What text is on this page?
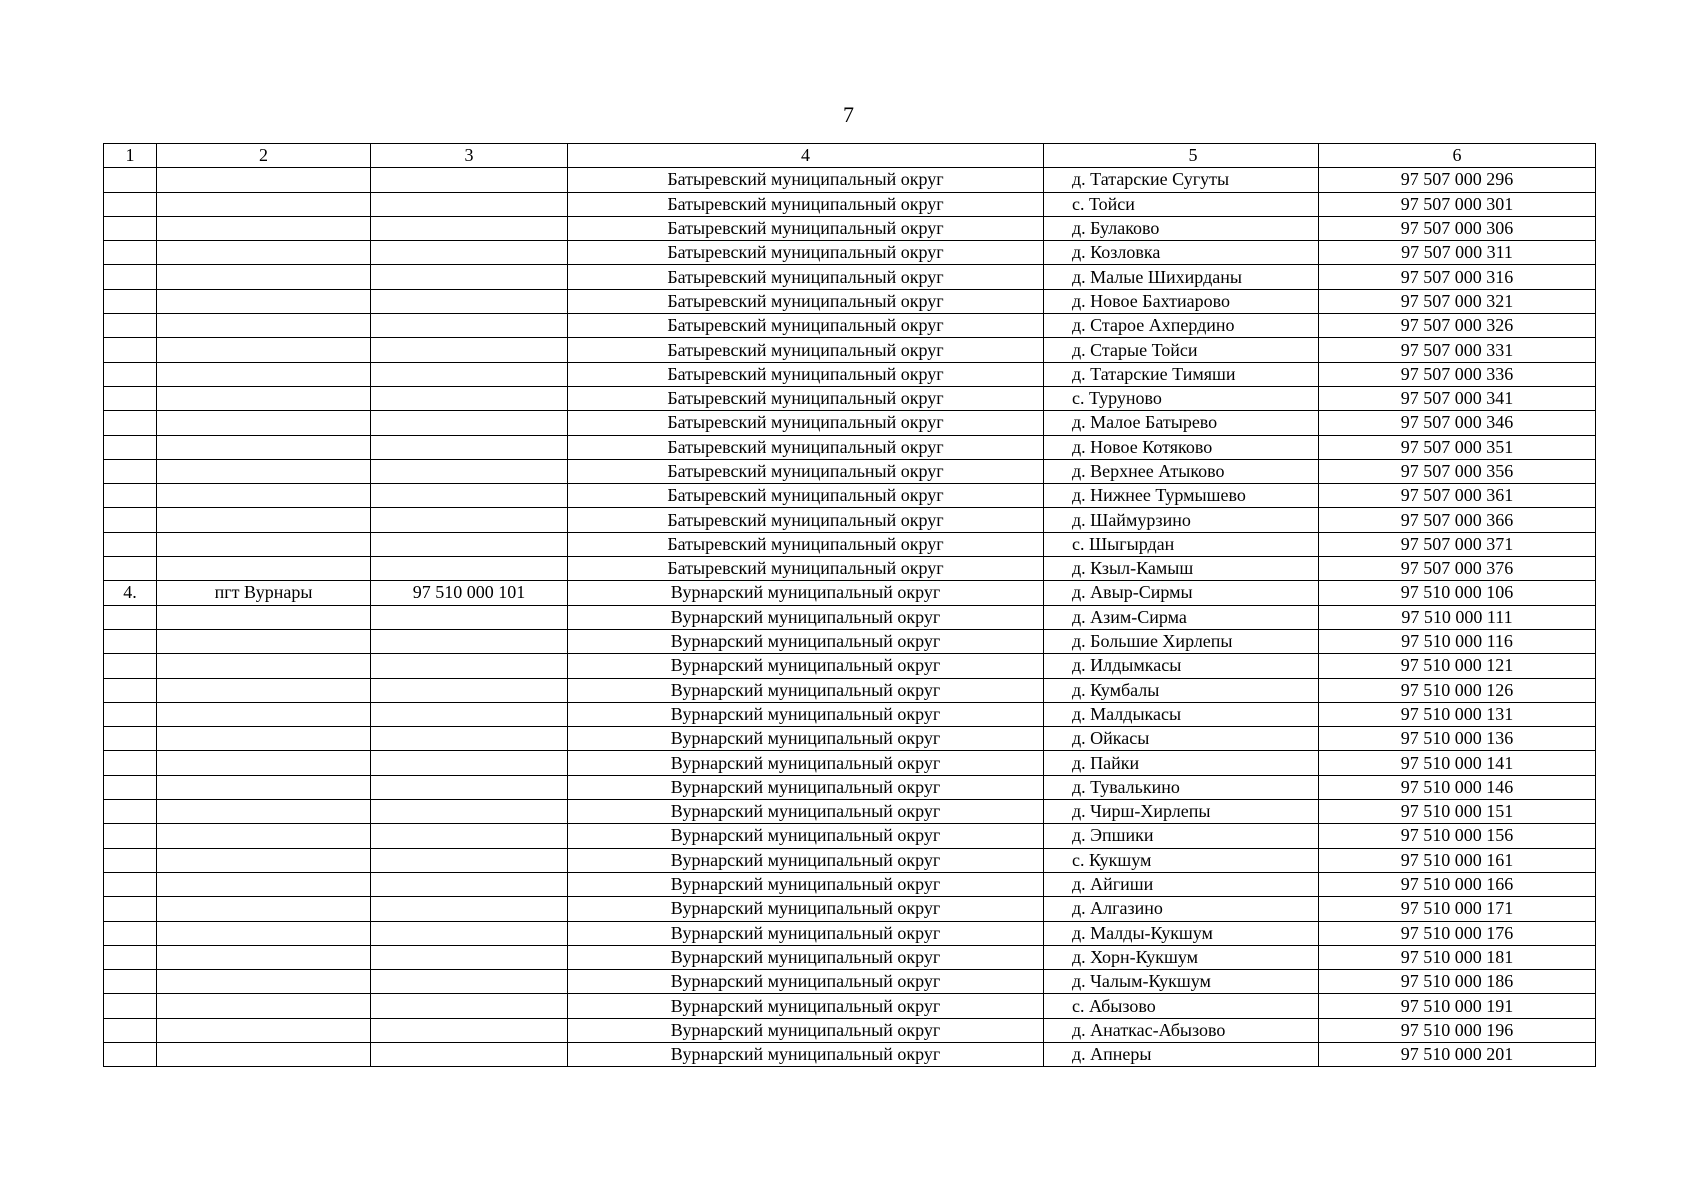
7
1	2	3	4	5	6
			Батыревский муниципальный округ	д. Татарские Сугуты	97 507 000 296
			Батыревский муниципальный округ	с. Тойси	97 507 000 301
			Батыревский муниципальный округ	д. Булаково	97 507 000 306
			Батыревский муниципальный округ	д. Козловка	97 507 000 311
			Батыревский муниципальный округ	д. Малые Шихирданы	97 507 000 316
			Батыревский муниципальный округ	д. Новое Бахтиарово	97 507 000 321
			Батыревский муниципальный округ	д. Старое Ахпердино	97 507 000 326
			Батыревский муниципальный округ	д. Старые Тойси	97 507 000 331
			Батыревский муниципальный округ	д. Татарские Тимяши	97 507 000 336
			Батыревский муниципальный округ	с. Туруново	97 507 000 341
			Батыревский муниципальный округ	д. Малое Батырево	97 507 000 346
			Батыревский муниципальный округ	д. Новое Котяково	97 507 000 351
			Батыревский муниципальный округ	д. Верхнее Атыково	97 507 000 356
			Батыревский муниципальный округ	д. Нижнее Турмышево	97 507 000 361
			Батыревский муниципальный округ	д. Шаймурзино	97 507 000 366
			Батыревский муниципальный округ	с. Шыгырдан	97 507 000 371
			Батыревский муниципальный округ	д. Кзыл-Камыш	97 507 000 376
4.	пгт Вурнары	97 510 000 101	Вурнарский муниципальный округ	д. Авыр-Сирмы	97 510 000 106
			Вурнарский муниципальный округ	д. Азим-Сирма	97 510 000 111
			Вурнарский муниципальный округ	д. Большие Хирлепы	97 510 000 116
			Вурнарский муниципальный округ	д. Илдымкасы	97 510 000 121
			Вурнарский муниципальный округ	д. Кумбалы	97 510 000 126
			Вурнарский муниципальный округ	д. Малдыкасы	97 510 000 131
			Вурнарский муниципальный округ	д. Ойкасы	97 510 000 136
			Вурнарский муниципальный округ	д. Пайки	97 510 000 141
			Вурнарский муниципальный округ	д. Тувалькино	97 510 000 146
			Вурнарский муниципальный округ	д. Чирш-Хирлепы	97 510 000 151
			Вурнарский муниципальный округ	д. Эпшики	97 510 000 156
			Вурнарский муниципальный округ	с. Кукшум	97 510 000 161
			Вурнарский муниципальный округ	д. Айгиши	97 510 000 166
			Вурнарский муниципальный округ	д. Алгазино	97 510 000 171
			Вурнарский муниципальный округ	д. Малды-Кукшум	97 510 000 176
			Вурнарский муниципальный округ	д. Хорн-Кукшум	97 510 000 181
			Вурнарский муниципальный округ	д. Чалым-Кукшум	97 510 000 186
			Вурнарский муниципальный округ	с. Абызово	97 510 000 191
			Вурнарский муниципальный округ	д. Анаткас-Абызово	97 510 000 196
			Вурнарский муниципальный округ	д. Апнеры	97 510 000 201
